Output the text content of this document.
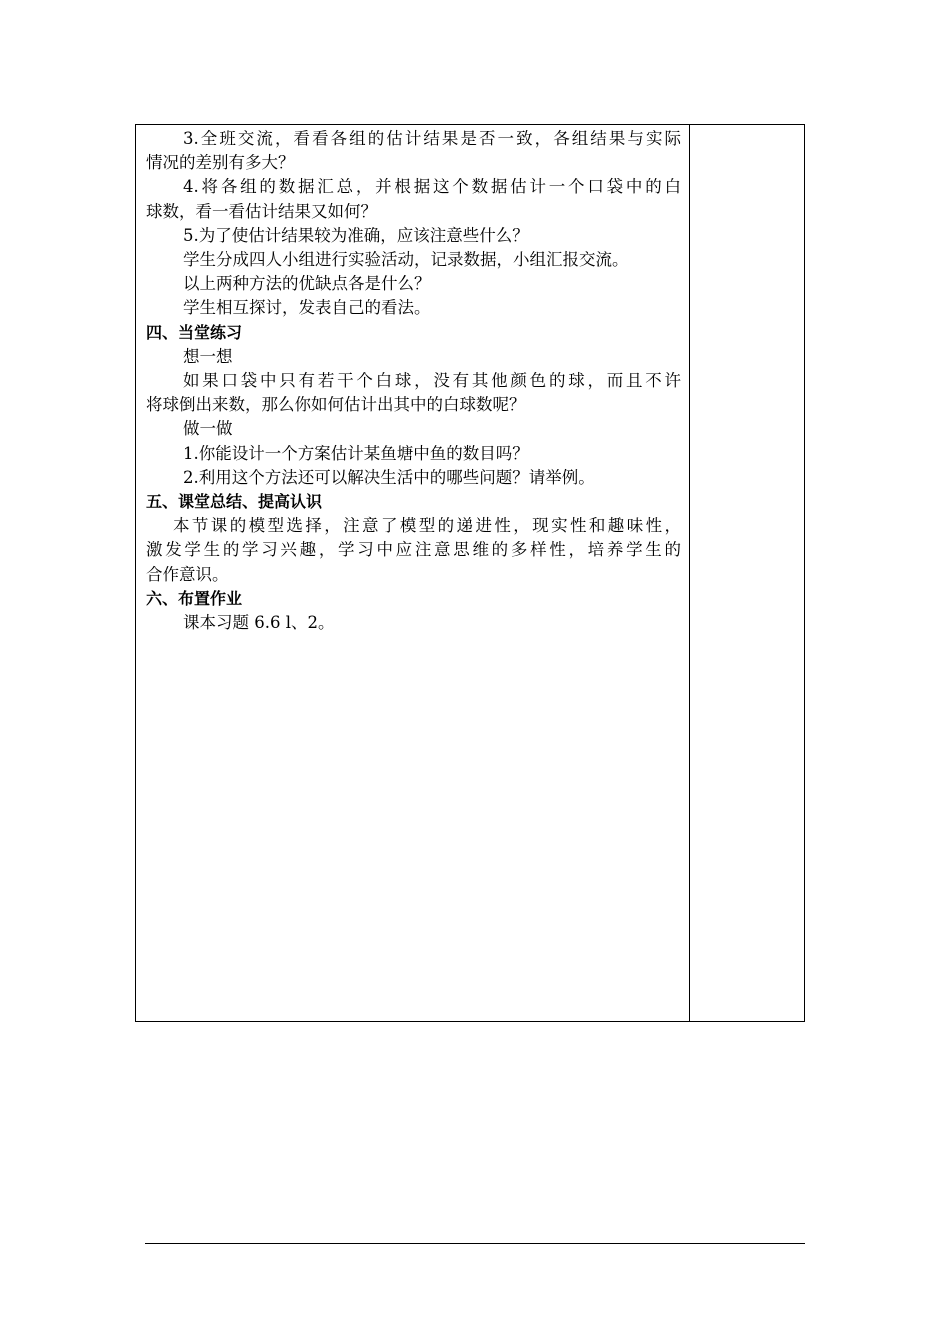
3.全班交流，看看各组的估计结果是否一致，各组结果与实际

情况的差别有多大？

4.将各组的数据汇总，并根据这个数据估计一个口袋中的白

球数，看一看估计结果又如何？

5.为了使估计结果较为准确，应该注意些什么？

学生分成四人小组进行实验活动，记录数据，小组汇报交流。

以上两种方法的优缺点各是什么？

学生相互探讨，发表自己的看法。

四、当堂练习

想一想

如果口袋中只有若干个白球，没有其他颜色的球，而且不许

将球倒出来数，那么你如何估计出其中的白球数呢？

做一做

1.你能设计一个方案估计某鱼塘中鱼的数目吗？

2.利用这个方法还可以解决生活中的哪些问题？请举例。

五、课堂总结、提高认识

本节课的模型选择，注意了模型的递进性，现实性和趣味性，

激发学生的学习兴趣，学习中应注意思维的多样性，培养学生的

合作意识。

六、布置作业

课本习题 6.6 l、2。
